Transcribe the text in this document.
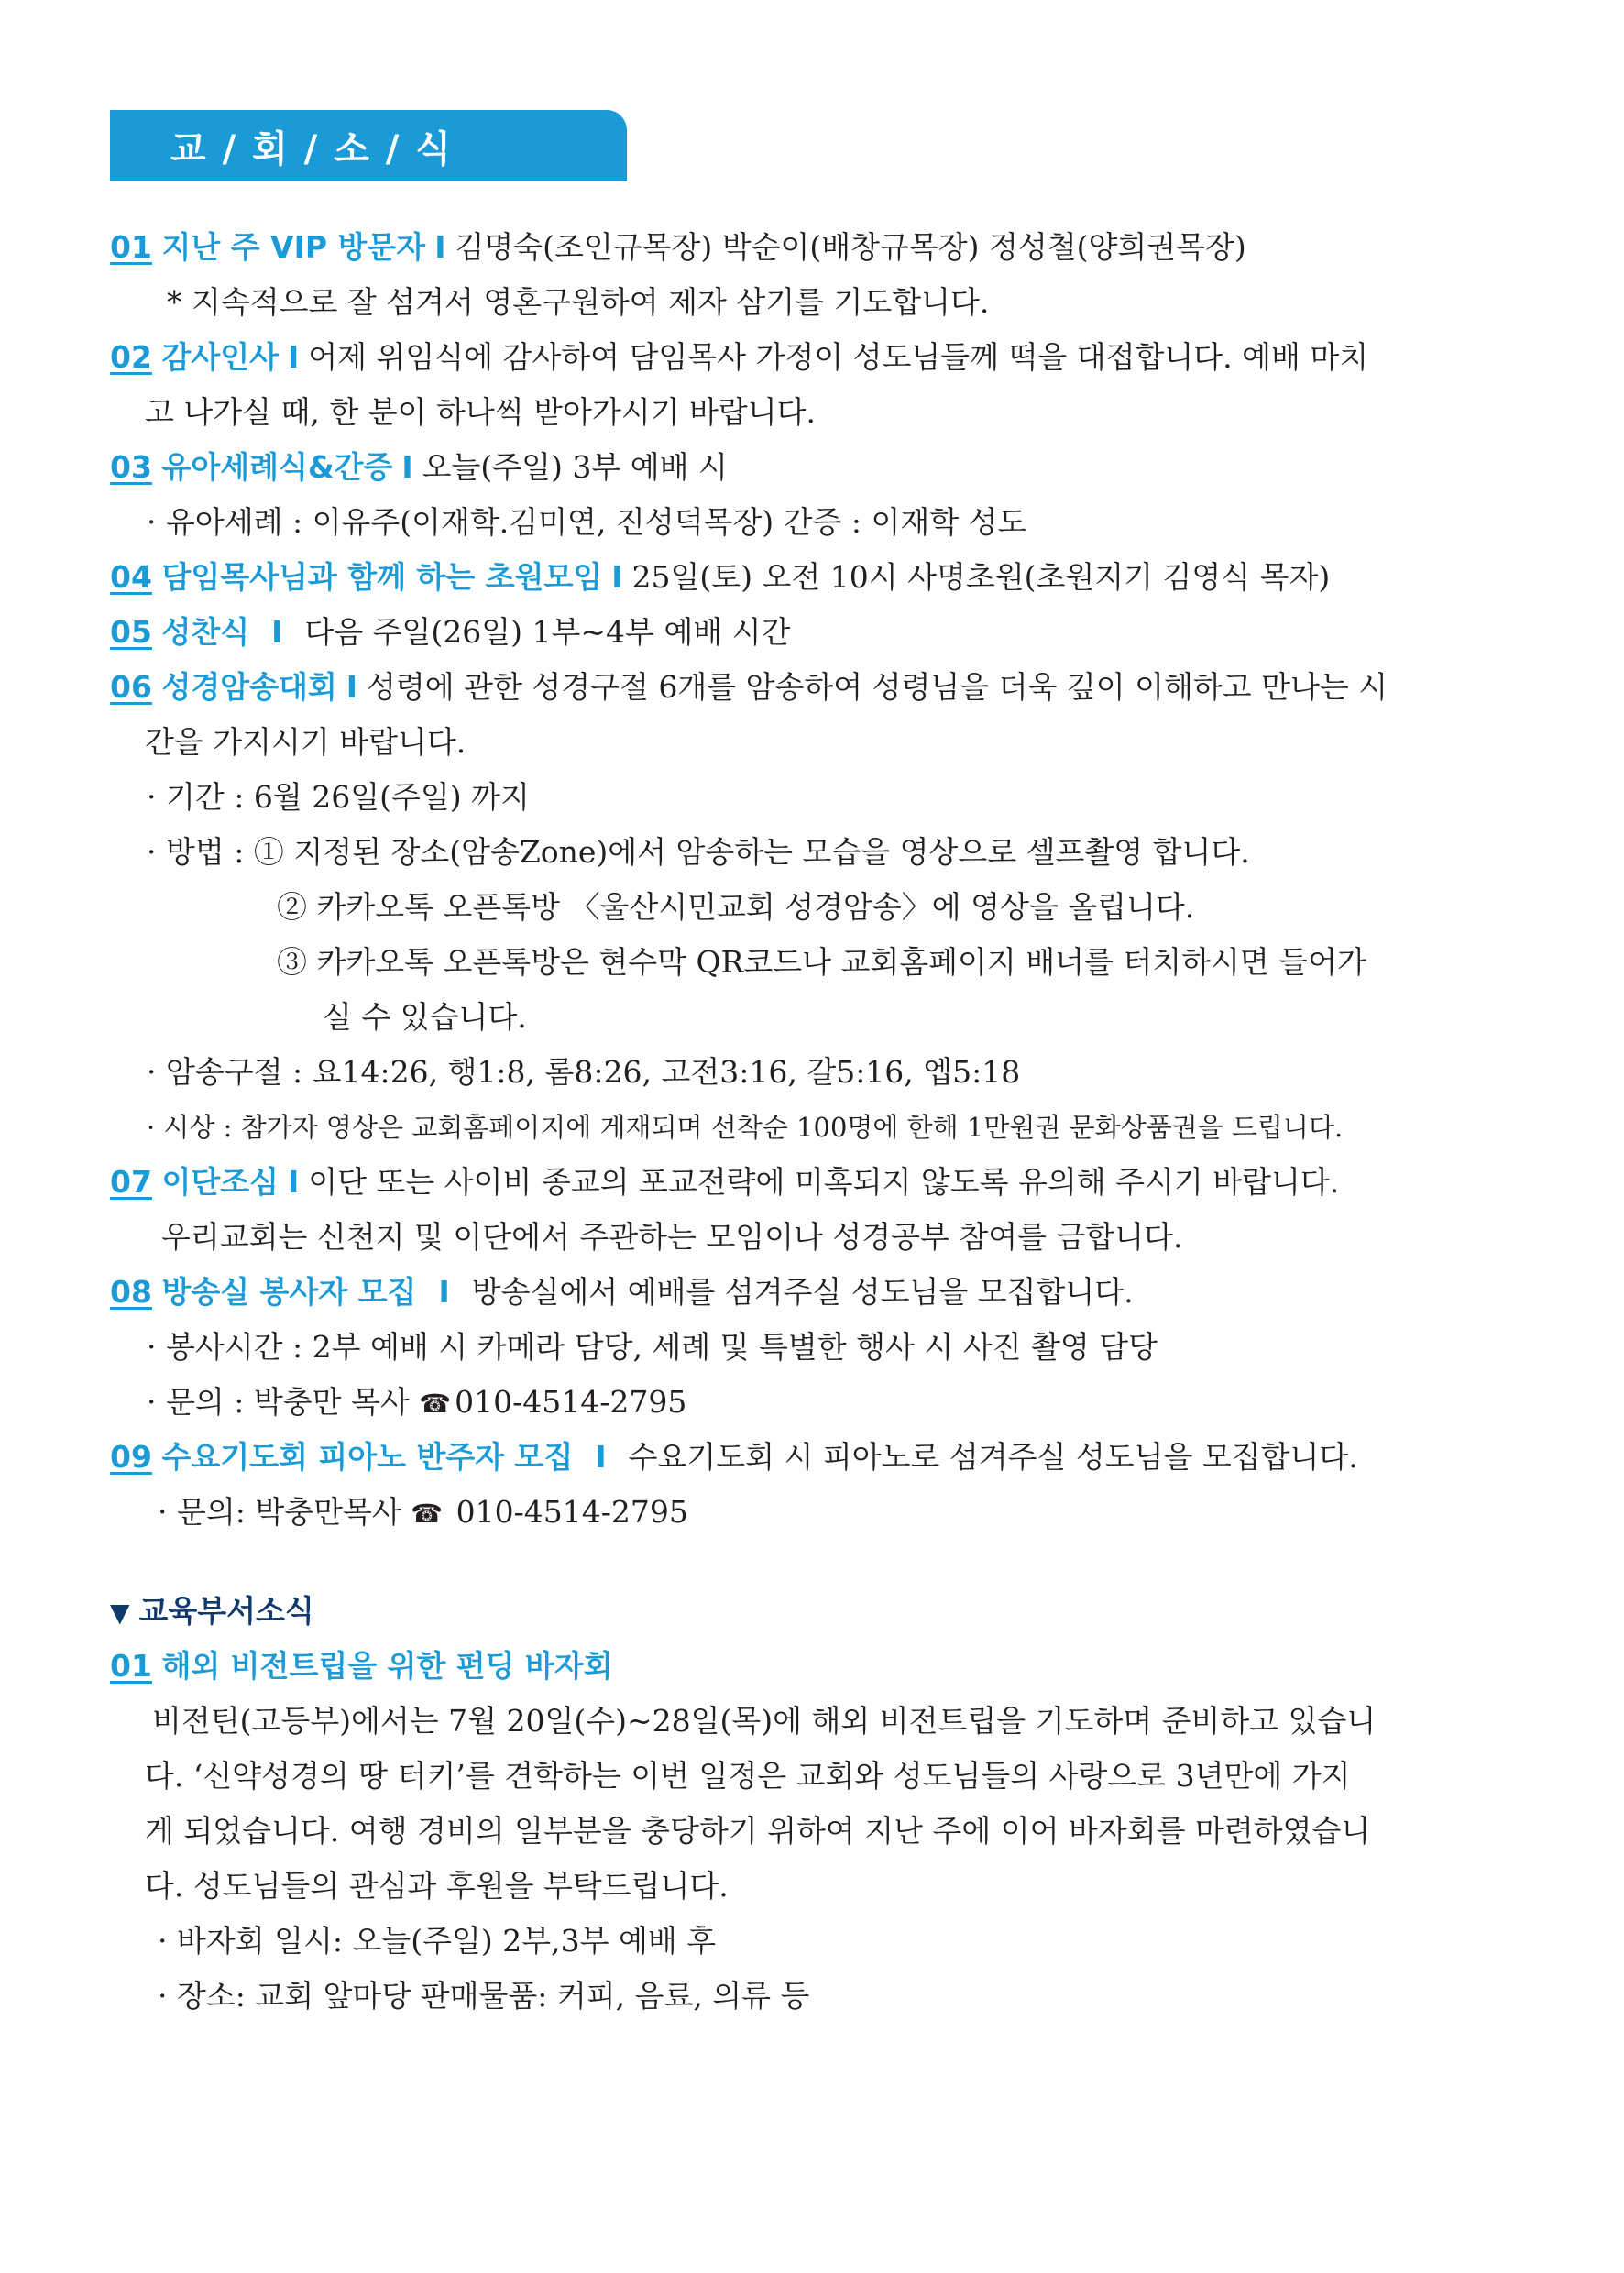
교 / 회 / 소 / 식
01 지난 주 VIP 방문자 I 김명숙(조인규목장) 박순이(배창규목장) 정성철(양희권목장)
* 지속적으로 잘 섬겨서 영혼구원하여 제자 삼기를 기도합니다.
02 감사인사 I 어제 위임식에 감사하여 담임목사 가정이 성도님들께 떡을 대접합니다. 예배 마치
고 나가실 때, 한 분이 하나씩 받아가시기 바랍니다.
03 유아세례식&간증 I 오늘(주일) 3부 예배 시
· 유아세례 : 이유주(이재학.김미연, 진성덕목장) 간증 : 이재학 성도
04 담임목사님과 함께 하는 초원모임 I 25일(토) 오전 10시 사명초원(초원지기 김영식 목자)
05 성찬식 I 다음 주일(26일) 1부~4부 예배 시간
06 성경암송대회 I 성령에 관한 성경구절 6개를 암송하여 성령님을 더욱 깊이 이해하고 만나는 시
간을 가지시기 바랍니다.
· 기간 : 6월 26일(주일) 까지
· 방법 : ① 지정된 장소(암송Zone)에서 암송하는 모습을 영상으로 셀프촬영 합니다.
② 카카오톡 오픈톡방 〈울산시민교회 성경암송〉에 영상을 올립니다.
③ 카카오톡 오픈톡방은 현수막 QR코드나 교회홈페이지 배너를 터치하시면 들어가
실 수 있습니다.
· 암송구절 : 요14:26, 행1:8, 롬8:26, 고전3:16, 갈5:16, 엡5:18
· 시상 : 참가자 영상은 교회홈페이지에 게재되며 선착순 100명에 한해 1만원권 문화상품권을 드립니다.
07 이단조심 I 이단 또는 사이비 종교의 포교전략에 미혹되지 않도록 유의해 주시기 바랍니다.
우리교회는 신천지 및 이단에서 주관하는 모임이나 성경공부 참여를 금합니다.
08 방송실 봉사자 모집 I 방송실에서 예배를 섬겨주실 성도님을 모집합니다.
· 봉사시간 : 2부 예배 시 카메라 담당, 세례 및 특별한 행사 시 사진 촬영 담당
· 문의 : 박충만 목사 ☎ 010-4514-2795
09 수요기도회 피아노 반주자 모집 I 수요기도회 시 피아노로 섬겨주실 성도님을 모집합니다.
· 문의: 박충만목사 ☎ 010-4514-2795
▼ 교육부서소식
01 해외 비전트립을 위한 펀딩 바자회
비전틴(고등부)에서는 7월 20일(수)~28일(목)에 해외 비전트립을 기도하며 준비하고 있습니
다. ‘신약성경의 땅 터키’를 견학하는 이번 일정은 교회와 성도님들의 사랑으로 3년만에 가지
게 되었습니다. 여행 경비의 일부분을 충당하기 위하여 지난 주에 이어 바자회를 마련하였습니
다. 성도님들의 관심과 후원을 부탁드립니다.
· 바자회 일시: 오늘(주일) 2부,3부 예배 후
· 장소: 교회 앞마당 판매물품: 커피, 음료, 의류 등
